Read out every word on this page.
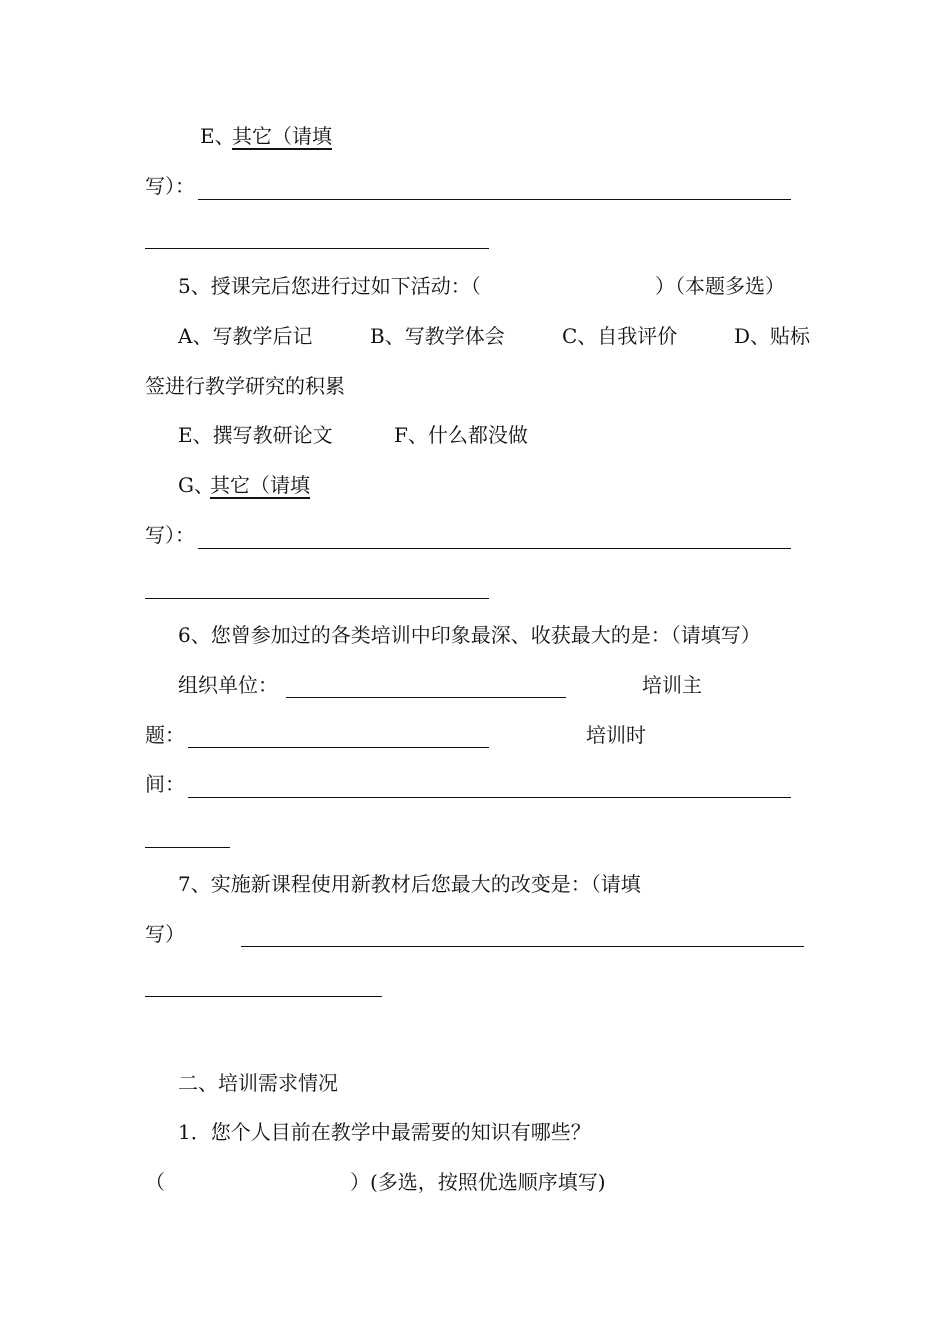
E、
其它（请填
写）：
5、授课完后您进行过如下活动：（	）（本题多选）
A、写教学后记	B、写教学体会	C、自我评价	D、贴标
签进行教学研究的积累
E、撰写教研论文	F、什么都没做
G、
其它（请填
写）：
6、您曾参加过的各类培训中印象最深、收获最大的是：（请填写）
组织单位：	培训主
题：	培训时
间：
7、实施新课程使用新教材后您最大的改变是：（请填
写）
二、培训需求情况
1．您个人目前在教学中最需要的知识有哪些？
（	）(多选，按照优选顺序填写)
